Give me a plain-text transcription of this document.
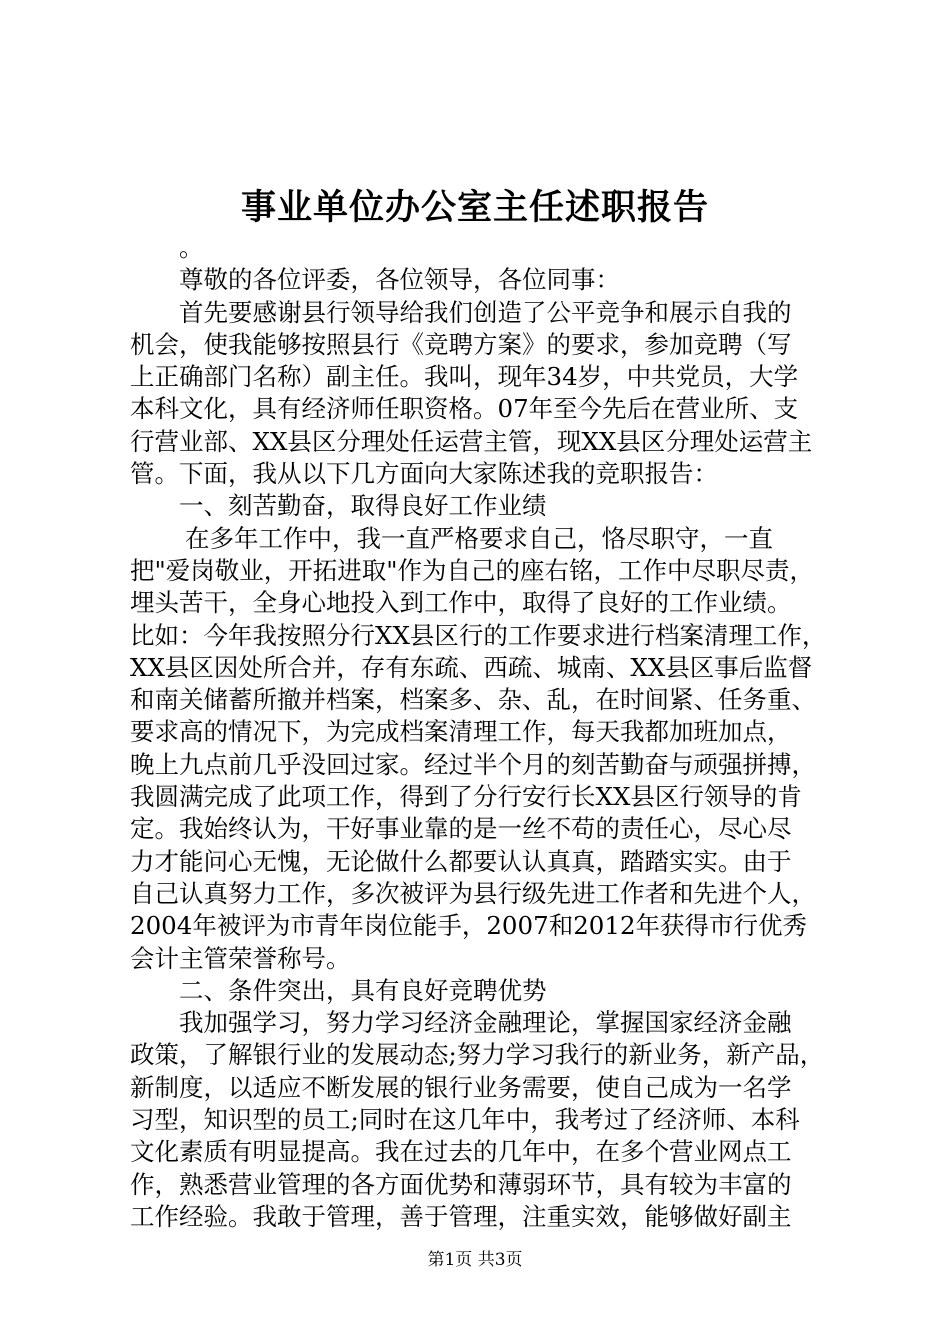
事业单位办公室主任述职报告
。
尊敬的各位评委，各位领导，各位同事：
首先要感谢县行领导给我们创造了公平竞争和展示自我的
机会，使我能够按照县行《竞聘方案》的要求，参加竞聘（写
上正确部门名称）副主任。我叫，现年34岁，中共党员，大学
本科文化，具有经济师任职资格。07年至今先后在营业所、支
行营业部、XX县区分理处任运营主管，现XX县区分理处运营主
管。下面，我从以下几方面向大家陈述我的竞职报告：
一、刻苦勤奋，取得良好工作业绩
在多年工作中，我一直严格要求自己，恪尽职守，一直
把"爱岗敬业，开拓进取"作为自己的座右铭，工作中尽职尽责，
埋头苦干，全身心地投入到工作中，取得了良好的工作业绩。
比如：今年我按照分行XX县区行的工作要求进行档案清理工作，
XX县区因处所合并，存有东疏、西疏、城南、XX县区事后监督
和南关储蓄所撤并档案，档案多、杂、乱，在时间紧、任务重、
要求高的情况下，为完成档案清理工作，每天我都加班加点，
晚上九点前几乎没回过家。经过半个月的刻苦勤奋与顽强拼搏，
我圆满完成了此项工作，得到了分行安行长XX县区行领导的肯
定。我始终认为，干好事业靠的是一丝不苟的责任心，尽心尽
力才能问心无愧，无论做什么都要认认真真，踏踏实实。由于
自己认真努力工作，多次被评为县行级先进工作者和先进个人，
2004年被评为市青年岗位能手，2007和2012年获得市行优秀
会计主管荣誉称号。
二、条件突出，具有良好竞聘优势
我加强学习，努力学习经济金融理论，掌握国家经济金融
政策，了解银行业的发展动态;努力学习我行的新业务，新产品，
新制度，以适应不断发展的银行业务需要，使自己成为一名学
习型，知识型的员工;同时在这几年中，我考过了经济师、本科
文化素质有明显提高。我在过去的几年中，在多个营业网点工
作，熟悉营业管理的各方面优势和薄弱环节，具有较为丰富的
工作经验。我敢于管理，善于管理，注重实效，能够做好副主
第1页 共3页
